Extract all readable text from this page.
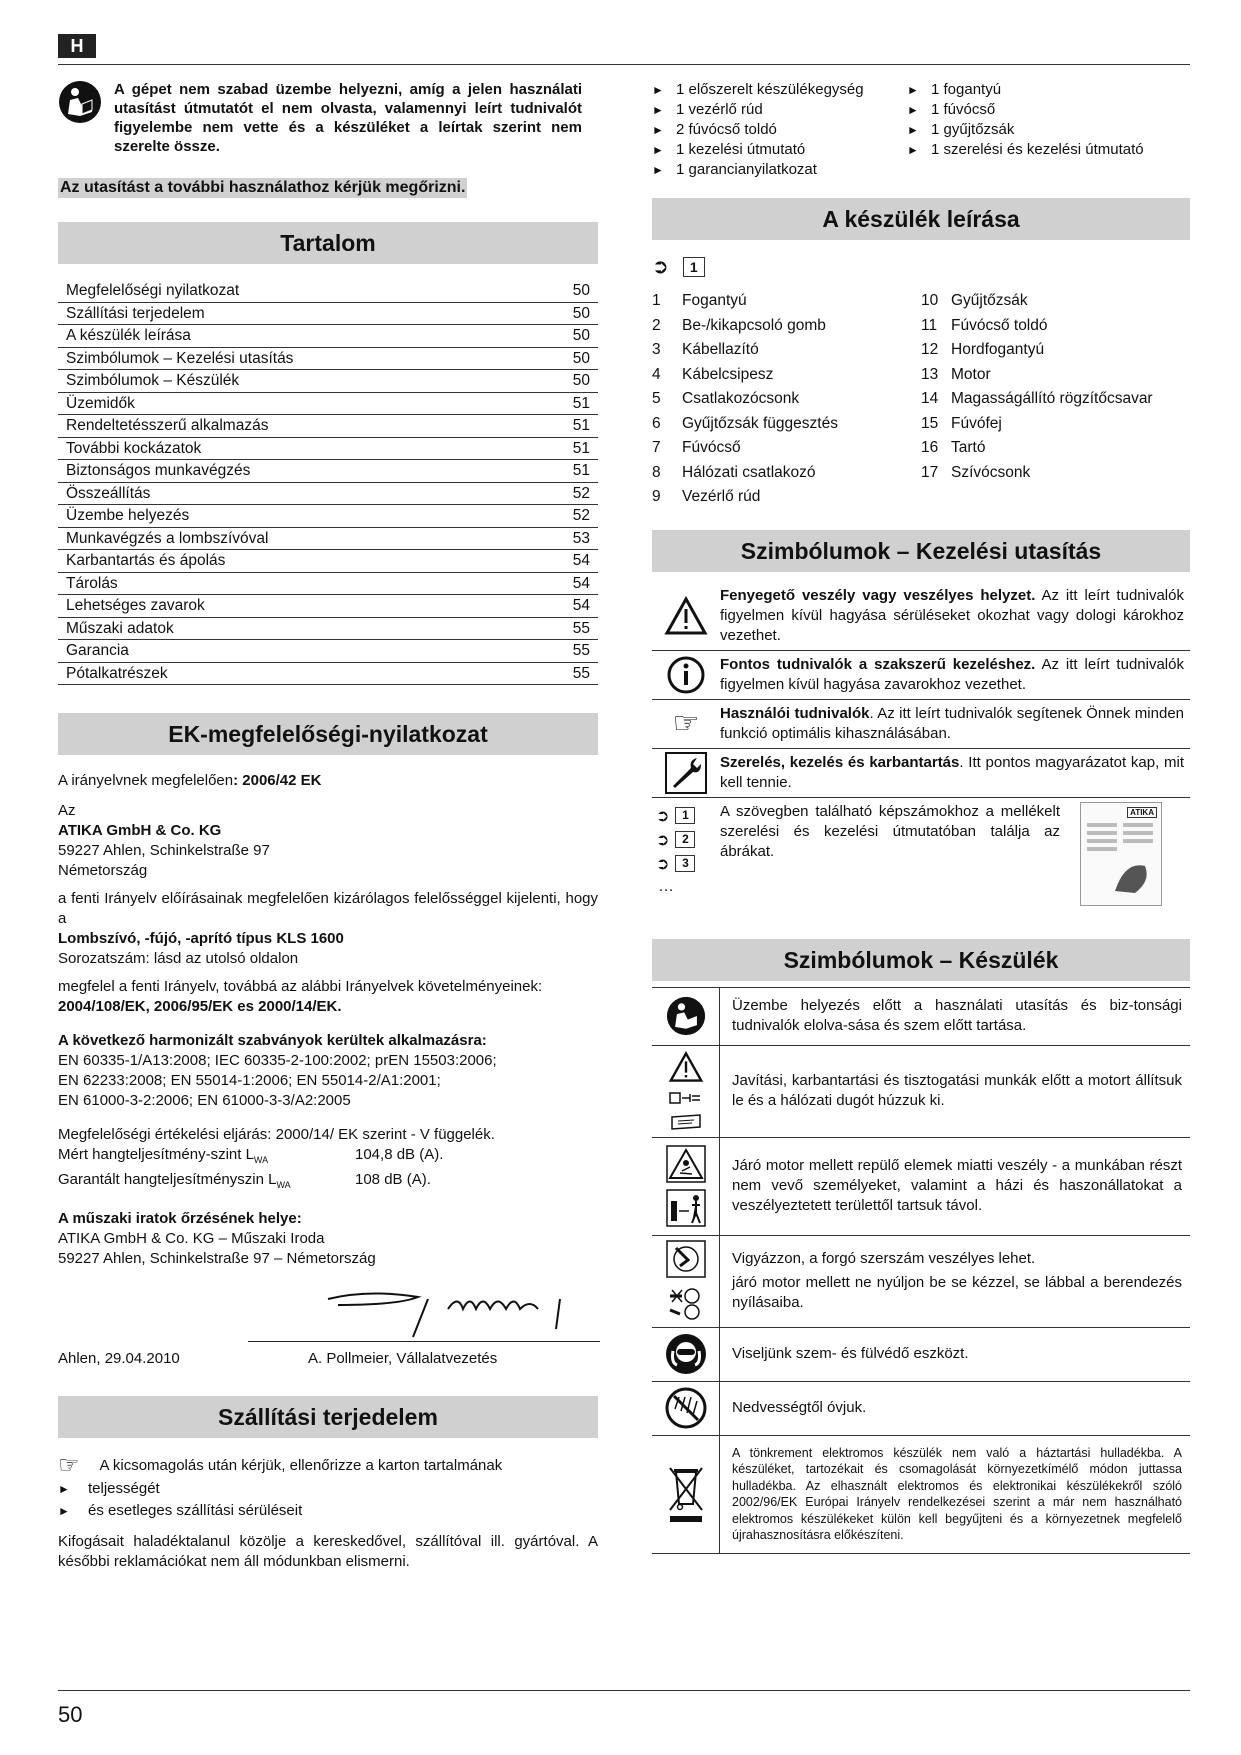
H
A gépet nem szabad üzembe helyezni, amíg a jelen használati utasítást útmutatót el nem olvasta, valamennyi leírt tudnivalót figyelembe nem vette és a készüléket a leírtak szerint nem szerelte össze.
Az utasítást a további használathoz kérjük megőrizni.
Tartalom
Megfelelőségi nyilatkozat	50
Szállítási terjedelem	50
A készülék leírása	50
Szimbólumok – Kezelési utasítás	50
Szimbólumok – Készülék	50
Üzemidők	51
Rendeltetésszerű alkalmazás	51
További kockázatok	51
Biztonságos munkavégzés	51
Összeállítás	52
Üzembe helyezés	52
Munkavégzés a lombszívóval	53
Karbantartás és ápolás	54
Tárolás	54
Lehetséges zavarok	54
Műszaki adatok	55
Garancia	55
Pótalkatrészek	55
EK-megfelelőségi-nyilatkozat
A irányelvnek megfelelően: 2006/42 EK
Az
ATIKA GmbH & Co. KG
59227 Ahlen, Schinkelstraße 97
Németország
a fenti Irányelv előírásainak megfelelően kizárólagos felelősséggel kijelenti, hogy a
Lombszívó, -fújó, -aprító típus KLS 1600
Sorozatszám: lásd az utolsó oldalon
megfelel a fenti Irányelv, továbbá az alábbi Irányelvek követelményeinek:
2004/108/EK, 2006/95/EK es 2000/14/EK.
A következő harmonizált szabványok kerültek alkalmazásra:
EN 60335-1/A13:2008; IEC 60335-2-100:2002; prEN 15503:2006;
EN 62233:2008; EN 55014-1:2006; EN 55014-2/A1:2001;
EN 61000-3-2:2006; EN 61000-3-3/A2:2005
Megfelelőségi értékelési eljárás: 2000/14/ EK szerint - V függelék.
Mért hangteljesítmény-szint $L_{WA}$	104,8 dB (A).
Garantált hangteljesítményszin $L_{WA}$	108 dB (A).
A műszaki iratok őrzésének helye:
ATIKA GmbH & Co. KG – Műszaki Iroda
59227 Ahlen, Schinkelstraße 97 – Németország
Ahlen, 29.04.2010	A. Pollmeier, Vállalatvezetés
Szállítási terjedelem
☞ A kicsomagolás után kérjük, ellenőrizze a karton tartalmának
►	teljességét
►	és esetleges szállítási sérüléseit
Kifogásait haladéktalanul közölje a kereskedővel, szállítóval ill. gyártóval. A későbbi reklamációkat nem áll módunkban elismerni.
► 1 előszerelt készülékegység
► 1 vezérlő rúd
► 2 fúvócső toldó
► 1 kezelési útmutató
► 1 garancianyilatkozat
► 1 fogantyú
► 1 fúvócső
► 1 gyűjtőzsák
► 1 szerelési és kezelési útmutató
A készülék leírása
➲	1
1	Fogantyú
2	Be-/kikapcsoló gomb
3	Kábellazító
4	Kábelcsipesz
5	Csatlakozócsonk
6	Gyűjtőzsák függesztés
7	Fúvócső
8	Hálózati csatlakozó
9	Vezérlő rúd
10 Gyűjtőzsák
11 Fúvócső toldó
12 Hordfogantyú
13 Motor
14 Magasságállító rögzítőcsavar
15 Fúvófej
16 Tartó
17 Szívócsonk
Szimbólumok – Kezelési utasítás
Fenyegető veszély vagy veszélyes helyzet. Az itt leírt tudnivalók figyelmen kívül hagyása sérüléseket okozhat vagy dologi károkhoz vezethet.
Fontos tudnivalók a szakszerű kezeléshez. Az itt leírt tudnivalók figyelmen kívül hagyása zavarokhoz vezethet.
☞ Használói tudnivalók. Az itt leírt tudnivalók segítenek Önnek minden funkció optimális kihasználásában.
Szerelés, kezelés és karbantartás. Itt pontos magyarázatot kap, mit kell tennie.
➲	1
➲	2
➲	3
…
A szövegben található képszámokhoz a mellékelt szerelési és kezelési útmutatóban találja az ábrákat.
ATIKA
Szimbólumok – Készülék
Üzembe helyezés előtt a használati utasítás és biz-tonsági tudnivalók elolva-sása és szem előtt tartása.
Javítási, karbantartási és tisztogatási munkák előtt a motort állítsuk le és a hálózati dugót húzzuk ki.
Járó motor mellett repülő elemek miatti veszély - a munkában részt nem vevő személyeket, valamint a házi és haszonállatokat a veszélyeztetett területtől tartsuk távol.
Vigyázzon, a forgó szerszám veszélyes lehet.
járó motor mellett ne nyúljon be se kézzel, se lábbal a berendezés nyílásaiba.
Viseljünk szem- és fülvédő eszközt.
Nedvességtől óvjuk.
A tönkrement elektromos készülék nem való a háztartási hulladékba. A készüléket, tartozékait és csomagolását környezetkímélő módon juttassa hulladékba. Az elhasznált elektromos és elektronikai készülékekről szóló 2002/96/EK Európai Irányelv rendelkezései szerint a már nem használható elektromos készülékeket külön kell begyűjteni és a környezetnek megfelelő újrahasznosításra előkészíteni.
50
